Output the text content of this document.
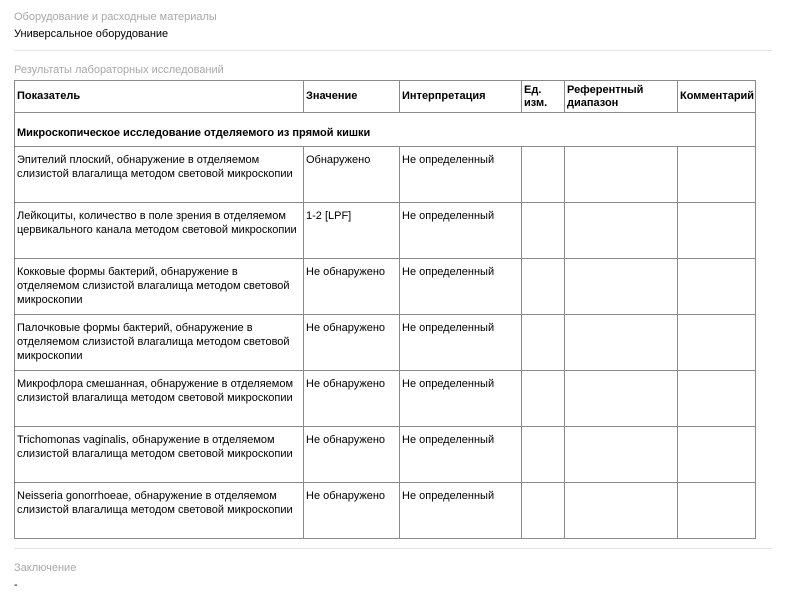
Оборудование и расходные материалы
Универсальное оборудование
Результаты лабораторных исследований
Показатель	Значение	Интерпретация	Ед. изм.	Референтный диапазон	Комментарий
Микроскопическое исследование отделяемого из прямой кишки					
Эпителий плоский, обнаружение в отделяемом слизистой влагалища методом световой микроскопии	Обнаружено	Не определенный			
Лейкоциты, количество в поле зрения в отделяемом цервикального канала методом световой микроскопии	1-2 [LPF]	Не определенный			
Кокковые формы бактерий, обнаружение в отделяемом слизистой влагалища методом световой микроскопии	Не обнаружено	Не определенный			
Палочковые формы бактерий, обнаружение в отделяемом слизистой влагалища методом световой микроскопии	Не обнаружено	Не определенный			
Микрофлора смешанная, обнаружение в отделяемом слизистой влагалища методом световой микроскопии	Не обнаружено	Не определенный			
Trichomonas vaginalis, обнаружение в отделяемом слизистой влагалища методом световой микроскопии	Не обнаружено	Не определенный			
Neisseria gonorrhoeae, обнаружение в отделяемом слизистой влагалища методом световой микроскопии	Не обнаружено	Не определенный			
Заключение
-
